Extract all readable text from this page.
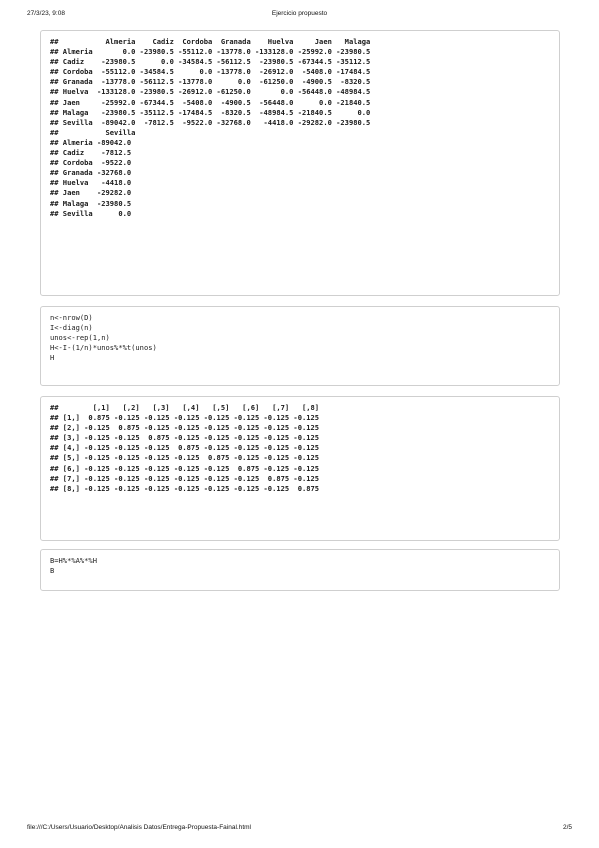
27/3/23, 9:08	Ejercicio propuesto
##           Almeria    Cadiz  Cordoba  Granada    Huelva     Jaen   Malaga
## Almeria       0.0 -23980.5 -55112.0 -13778.0 -133128.0 -25992.0 -23980.5
## Cadiz    -23980.5      0.0 -34584.5 -56112.5  -23980.5 -67344.5 -35112.5
## Cordoba  -55112.0 -34584.5      0.0 -13778.0  -26912.0  -5408.0 -17484.5
## Granada  -13778.0 -56112.5 -13778.0      0.0  -61250.0  -4900.5  -8320.5
## Huelva  -133128.0 -23980.5 -26912.0 -61250.0       0.0 -56448.0 -48984.5
## Jaen     -25992.0 -67344.5  -5408.0  -4900.5  -56448.0      0.0 -21840.5
## Malaga   -23980.5 -35112.5 -17484.5  -8320.5  -48984.5 -21840.5      0.0
## Sevilla  -89042.0  -7812.5  -9522.0 -32768.0   -4418.0 -29282.0 -23980.5
##           Sevilla
## Almeria -89042.0
## Cadiz    -7812.5
## Cordoba  -9522.0
## Granada -32768.0
## Huelva   -4418.0
## Jaen    -29282.0
## Malaga  -23980.5
## Sevilla      0.0
n<-nrow(D)
I<-diag(n)
unos<-rep(1,n)
H<-I-(1/n)*unos%*%t(unos)
H
##        [,1]   [,2]   [,3]   [,4]   [,5]   [,6]   [,7]   [,8]
## [1,]  0.875 -0.125 -0.125 -0.125 -0.125 -0.125 -0.125 -0.125
## [2,] -0.125  0.875 -0.125 -0.125 -0.125 -0.125 -0.125 -0.125
## [3,] -0.125 -0.125  0.875 -0.125 -0.125 -0.125 -0.125 -0.125
## [4,] -0.125 -0.125 -0.125  0.875 -0.125 -0.125 -0.125 -0.125
## [5,] -0.125 -0.125 -0.125 -0.125  0.875 -0.125 -0.125 -0.125
## [6,] -0.125 -0.125 -0.125 -0.125 -0.125  0.875 -0.125 -0.125
## [7,] -0.125 -0.125 -0.125 -0.125 -0.125 -0.125  0.875 -0.125
## [8,] -0.125 -0.125 -0.125 -0.125 -0.125 -0.125 -0.125  0.875
B=H%*%A%*%H
B
file:///C:/Users/Usuario/Desktop/Analisis Datos/Entrega-Propuesta-Fainal.html	2/5
